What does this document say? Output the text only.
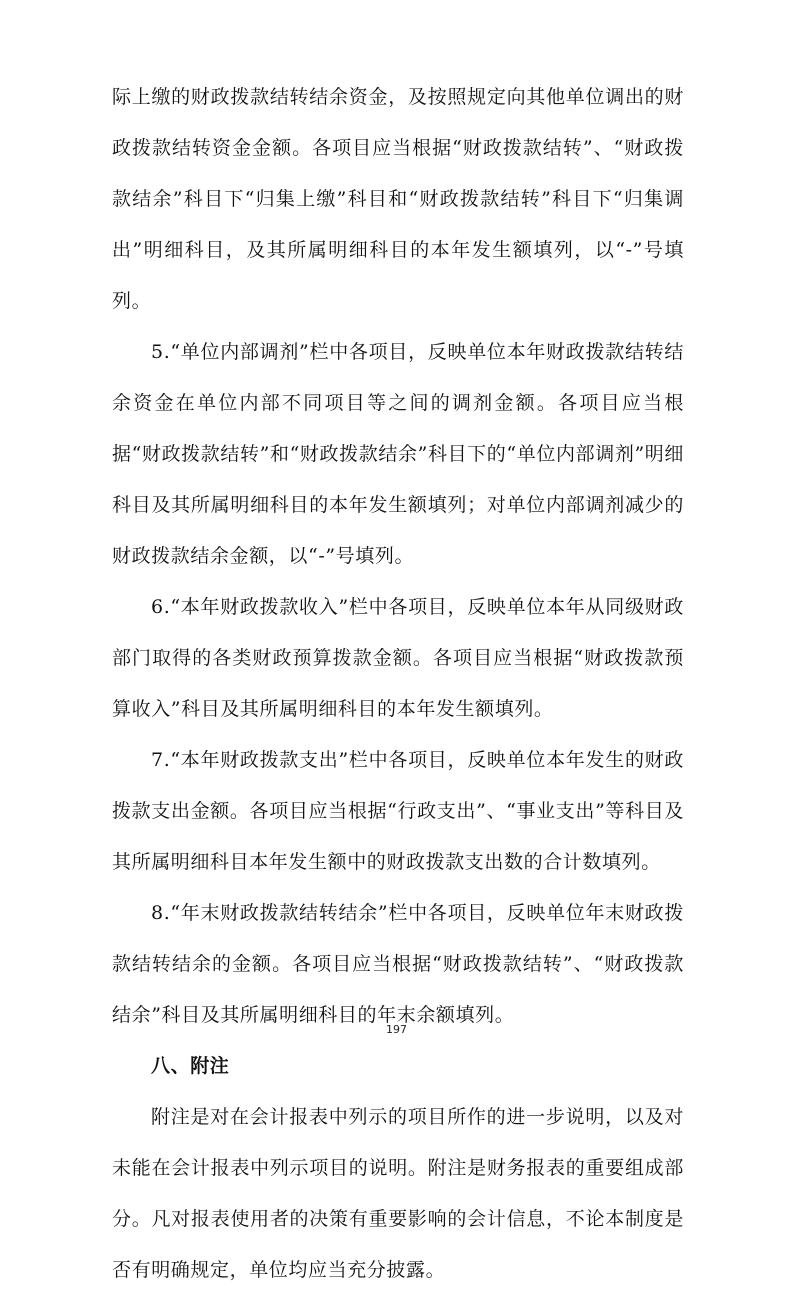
际上缴的财政拨款结转结余资金，及按照规定向其他单位调出的财政拨款结转资金金额。各项目应当根据“财政拨款结转”、“财政拨款结余”科目下“归集上缴”科目和“财政拨款结转”科目下“归集调出”明细科目，及其所属明细科目的本年发生额填列，以“-”号填列。

5.“单位内部调剂”栏中各项目，反映单位本年财政拨款结转结余资金在单位内部不同项目等之间的调剂金额。各项目应当根据“财政拨款结转”和“财政拨款结余”科目下的“单位内部调剂”明细科目及其所属明细科目的本年发生额填列；对单位内部调剂减少的财政拨款结余金额，以“-”号填列。

6.“本年财政拨款收入”栏中各项目，反映单位本年从同级财政部门取得的各类财政预算拨款金额。各项目应当根据“财政拨款预算收入”科目及其所属明细科目的本年发生额填列。

7.“本年财政拨款支出”栏中各项目，反映单位本年发生的财政拨款支出金额。各项目应当根据“行政支出”、“事业支出”等科目及其所属明细科目本年发生额中的财政拨款支出数的合计数填列。

8.“年末财政拨款结转结余”栏中各项目，反映单位年末财政拨款结转结余的金额。各项目应当根据“财政拨款结转”、“财政拨款结余”科目及其所属明细科目的年末余额填列。

八、附注

附注是对在会计报表中列示的项目所作的进一步说明，以及对未能在会计报表中列示项目的说明。附注是财务报表的重要组成部分。凡对报表使用者的决策有重要影响的会计信息，不论本制度是否有明确规定，单位均应当充分披露。

197
